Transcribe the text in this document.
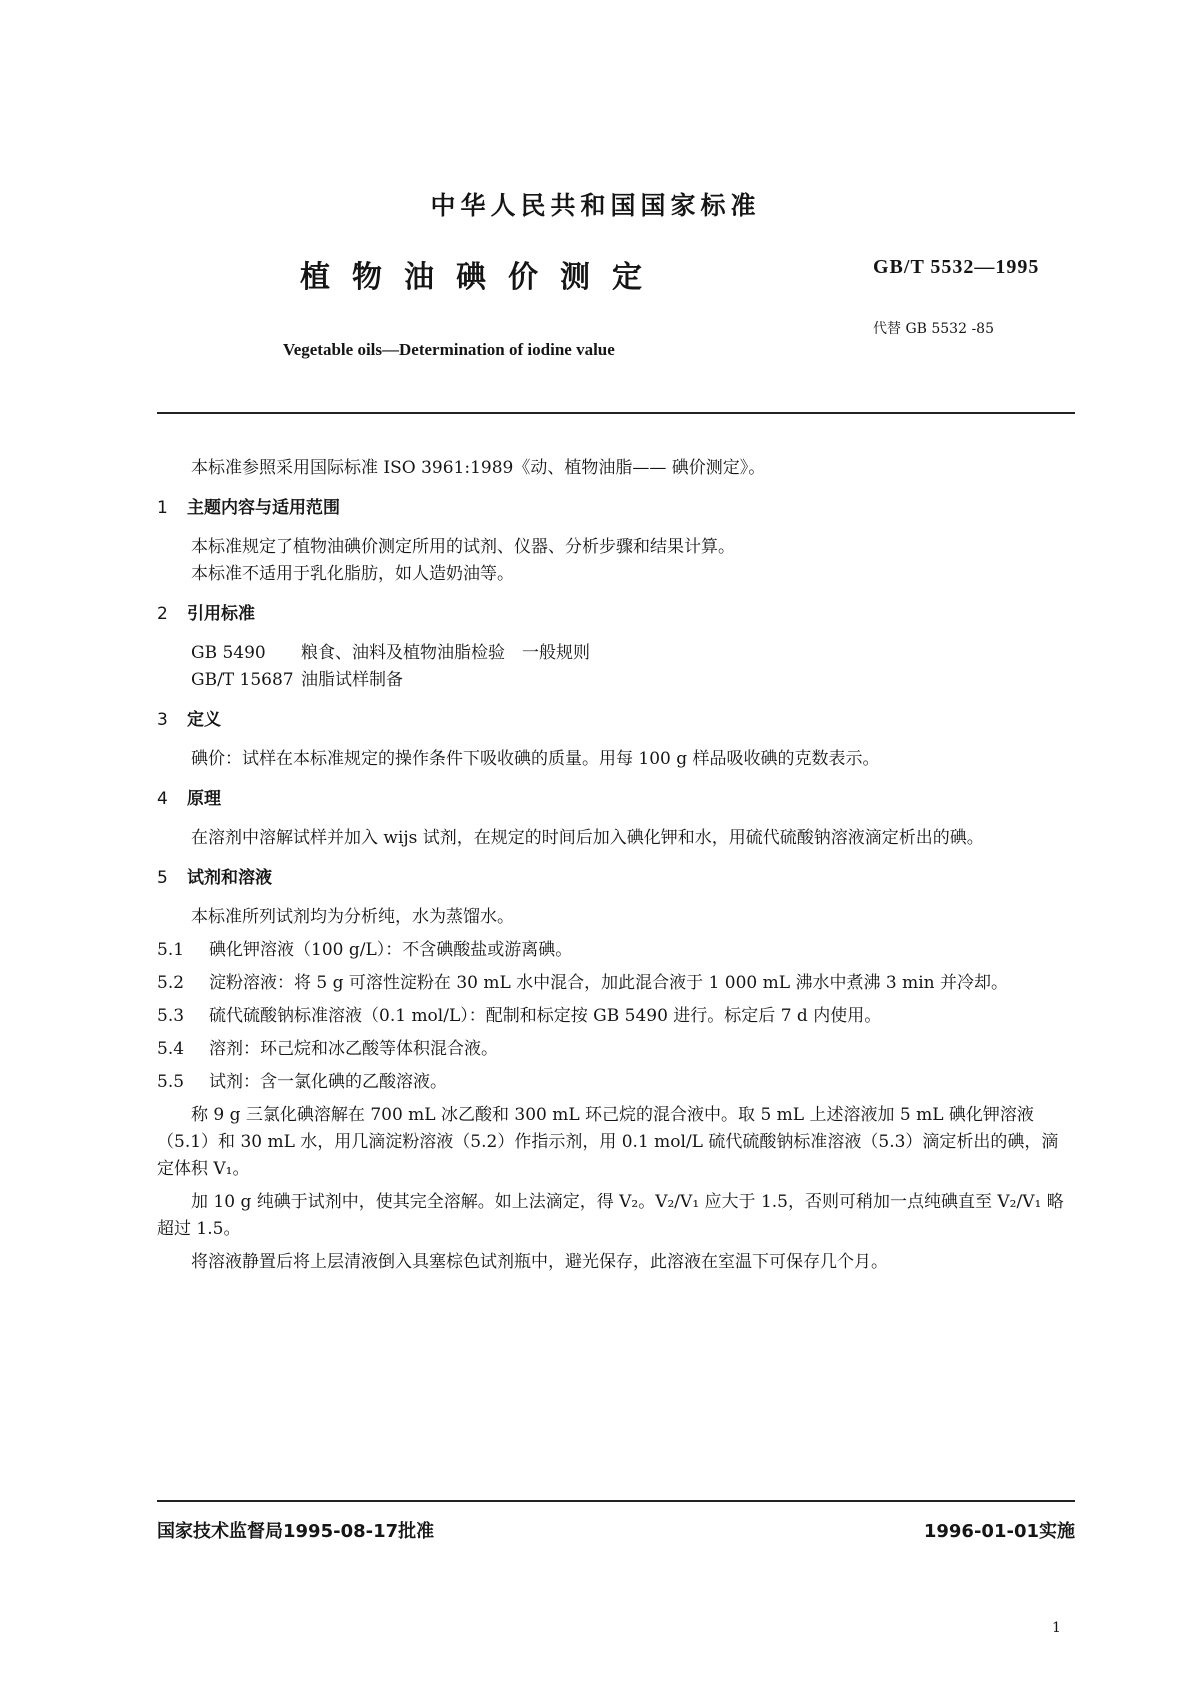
中华人民共和国国家标准
植物油碘价测定
Vegetable oils—Determination of iodine value
GB/T 5532—1995
代替 GB 5532 -85

本标准参照采用国际标准 ISO 3961:1989《动、植物油脂—— 碘价测定》。

1 主题内容与适用范围

本标准规定了植物油碘价测定所用的试剂、仪器、分析步骤和结果计算。

本标准不适用于乳化脂肪，如人造奶油等。

2 引用标准
GB 5490	粮食、油料及植物油脂检验　一般规则
GB/T 15687 油脂试样制备
3 定义

碘价：试样在本标准规定的操作条件下吸收碘的质量。用每 100 g 样品吸收碘的克数表示。

4 原理

在溶剂中溶解试样并加入 wijs 试剂，在规定的时间后加入碘化钾和水，用硫代硫酸钠溶液滴定析出的碘。

5 试剂和溶液

本标准所列试剂均为分析纯，水为蒸馏水。

5.1	碘化钾溶液（100 g/L）：不含碘酸盐或游离碘。

5.2 淀粉溶液：将 5 g 可溶性淀粉在 30 mL 水中混合，加此混合液于 1 000 mL 沸水中煮沸 3 min 并冷却。

5.3	硫代硫酸钠标准溶液（0.1 mol/L）：配制和标定按 GB 5490 进行。标定后 7 d 内使用。
5.4	溶剂：环己烷和冰乙酸等体积混合液。
5.5	试剂：含一氯化碘的乙酸溶液。

称 9 g 三氯化碘溶解在 700 mL 冰乙酸和 300 mL 环己烷的混合液中。取 5 mL 上述溶液加 5 mL 碘化钾溶液（5.1）和 30 mL 水，用几滴淀粉溶液（5.2）作指示剂，用 0.1 mol/L 硫代硫酸钠标准溶液（5.3）滴定析出的碘，滴定体积 V₁。

加 10 g 纯碘于试剂中，使其完全溶解。如上法滴定，得 V₂。V₂/V₁ 应大于 1.5，否则可稍加一点纯碘直至 V₂/V₁ 略超过 1.5。

将溶液静置后将上层清液倒入具塞棕色试剂瓶中，避光保存，此溶液在室温下可保存几个月。

国家技术监督局1995-08-17批准	1996-01-01实施
1
